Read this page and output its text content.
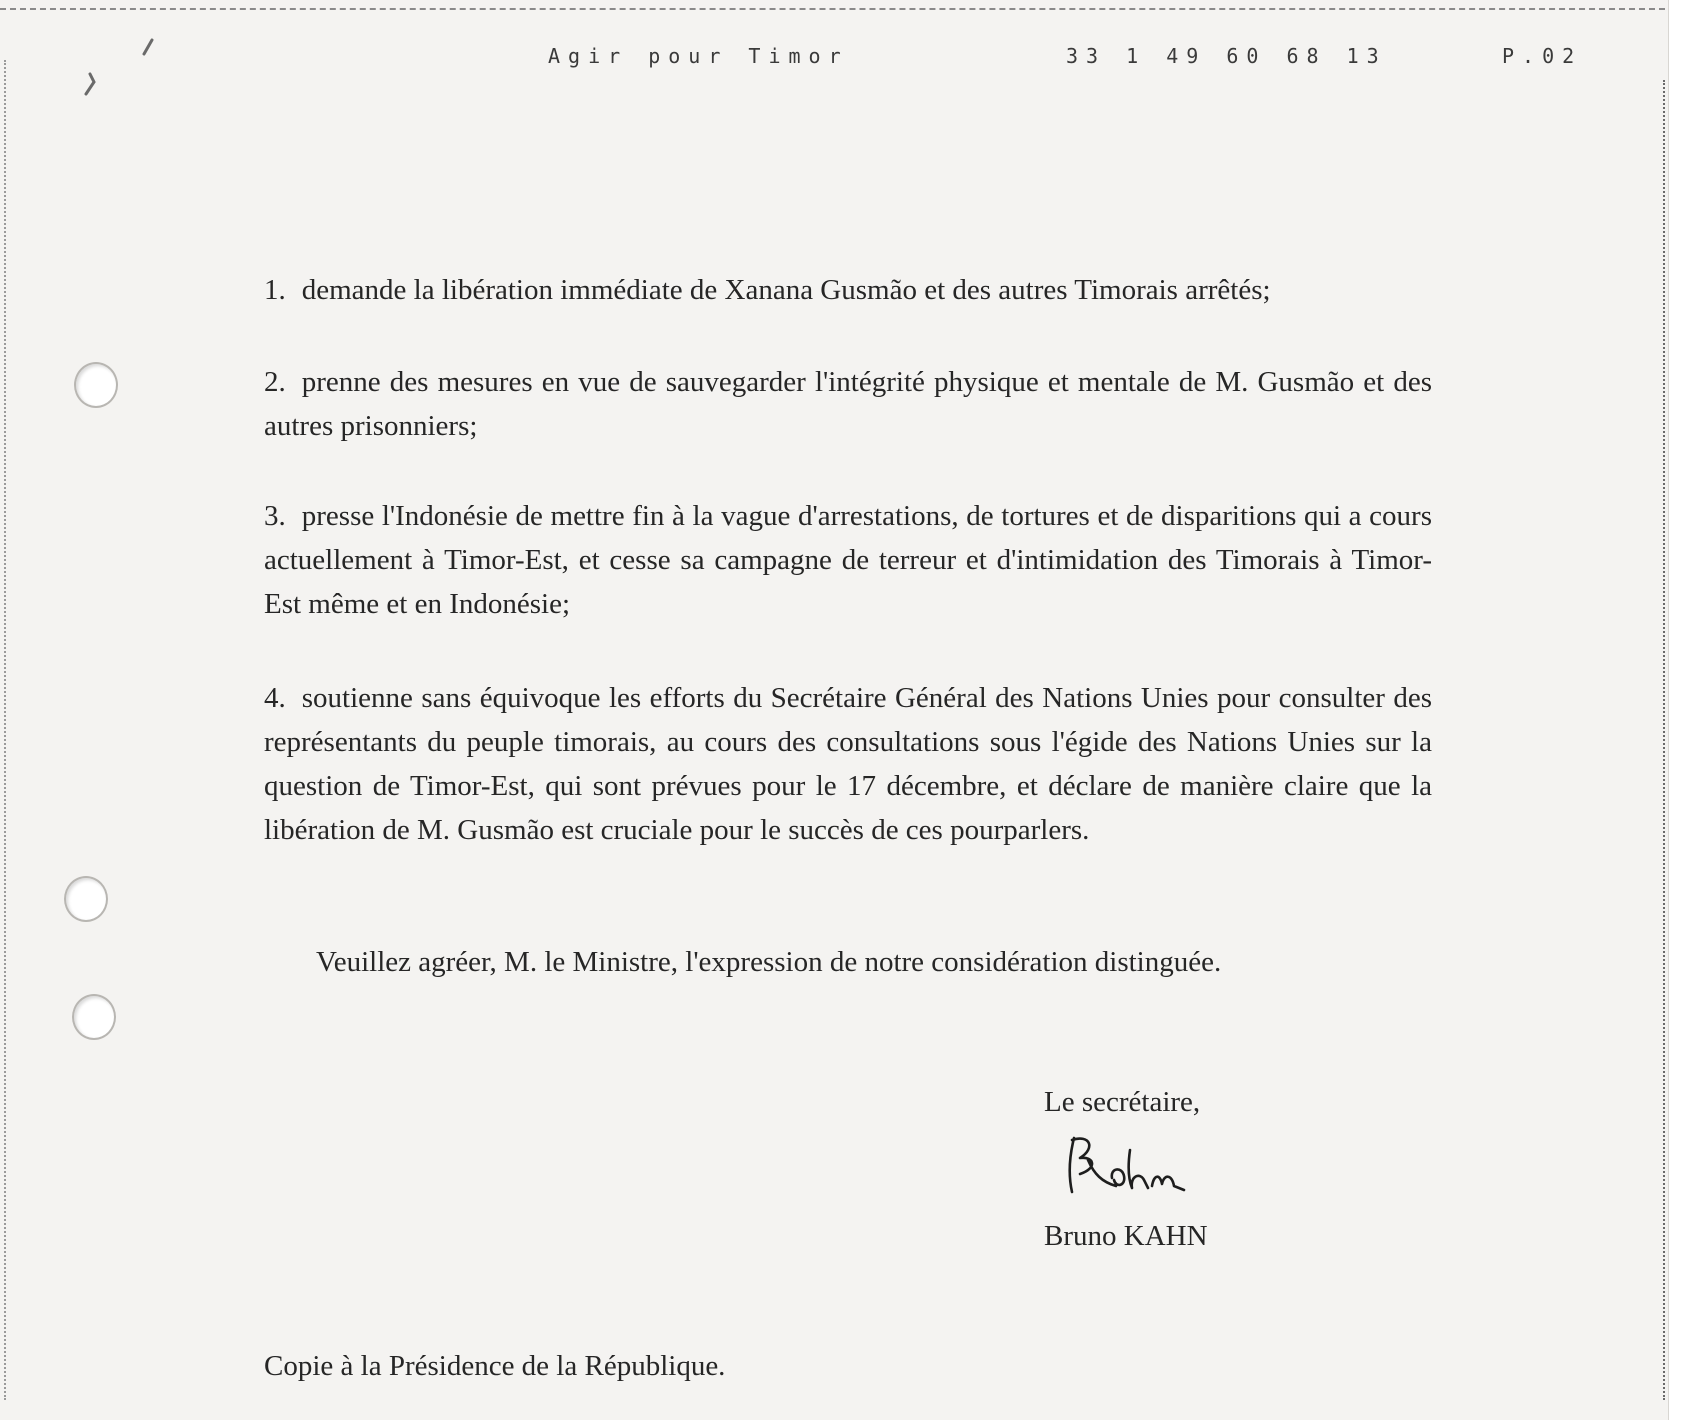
Agir pour Timor	33 1 49 60 68 13	P.02

1. demande la libération immédiate de Xanana Gusmão et des autres Timorais arrêtés;

2. prenne des mesures en vue de sauvegarder l'intégrité physique et mentale de M. Gusmão et des autres prisonniers;

3. presse l'Indonésie de mettre fin à la vague d'arrestations, de tortures et de disparitions qui a cours actuellement à Timor-Est, et cesse sa campagne de terreur et d'intimidation des Timorais à Timor-Est même et en Indonésie;

4. soutienne sans équivoque les efforts du Secrétaire Général des Nations Unies pour consulter des représentants du peuple timorais, au cours des consultations sous l'égide des Nations Unies sur la question de Timor-Est, qui sont prévues pour le 17 décembre, et déclare de manière claire que la libération de M. Gusmão est cruciale pour le succès de ces pourparlers.

Veuillez agréer, M. le Ministre, l'expression de notre considération distinguée.
Le secrétaire,
Bruno KAHN
Copie à la Présidence de la République.
